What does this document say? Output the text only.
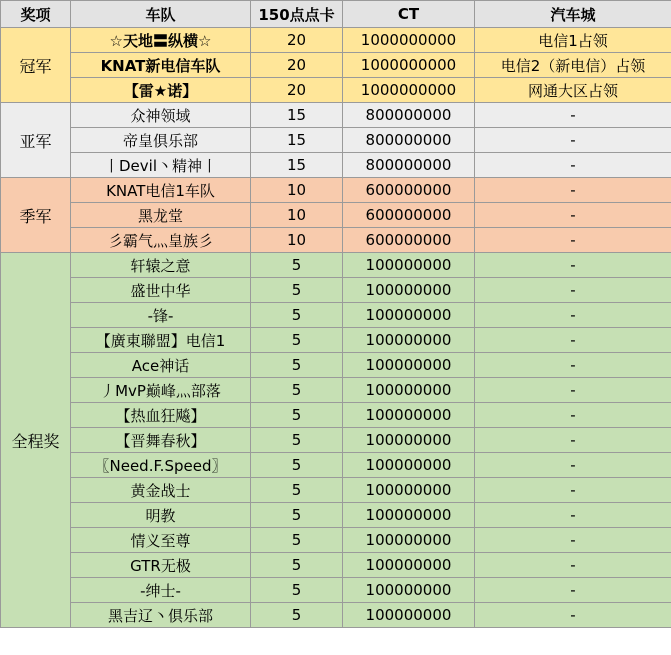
奖项	车队	150点点卡	CT	汽车城
冠军	☆天地〓纵横☆	20	1000000000	电信1占领
	KNAT新电信车队	20	1000000000	电信2（新电信）占领
	【雷★诺】	20	1000000000	网通大区占领
亚军	众神领域	15	800000000	-
	帝皇俱乐部	15	800000000	-
	丨Devil丶精神丨	15	800000000	-
季军	KNAT电信1车队	10	600000000	-
	黑龙堂	10	600000000	-
	彡霸气灬皇族彡	10	600000000	-
全程奖	轩辕之意	5	100000000	-
	盛世中华	5	100000000	-
	-锋-	5	100000000	-
	【廣東聯盟】电信1	5	100000000	-
	Ace神话	5	100000000	-
	丿MvP巅峰灬部落	5	100000000	-
	【热血狂飚】	5	100000000	-
	【晋舞春秋】	5	100000000	-
	〖Need.F.Speed〗	5	100000000	-
	黄金战士	5	100000000	-
	明教	5	100000000	-
	情义至尊	5	100000000	-
	GTR无极	5	100000000	-
	-绅士-	5	100000000	-
	黑吉辽丶俱乐部	5	100000000	-
